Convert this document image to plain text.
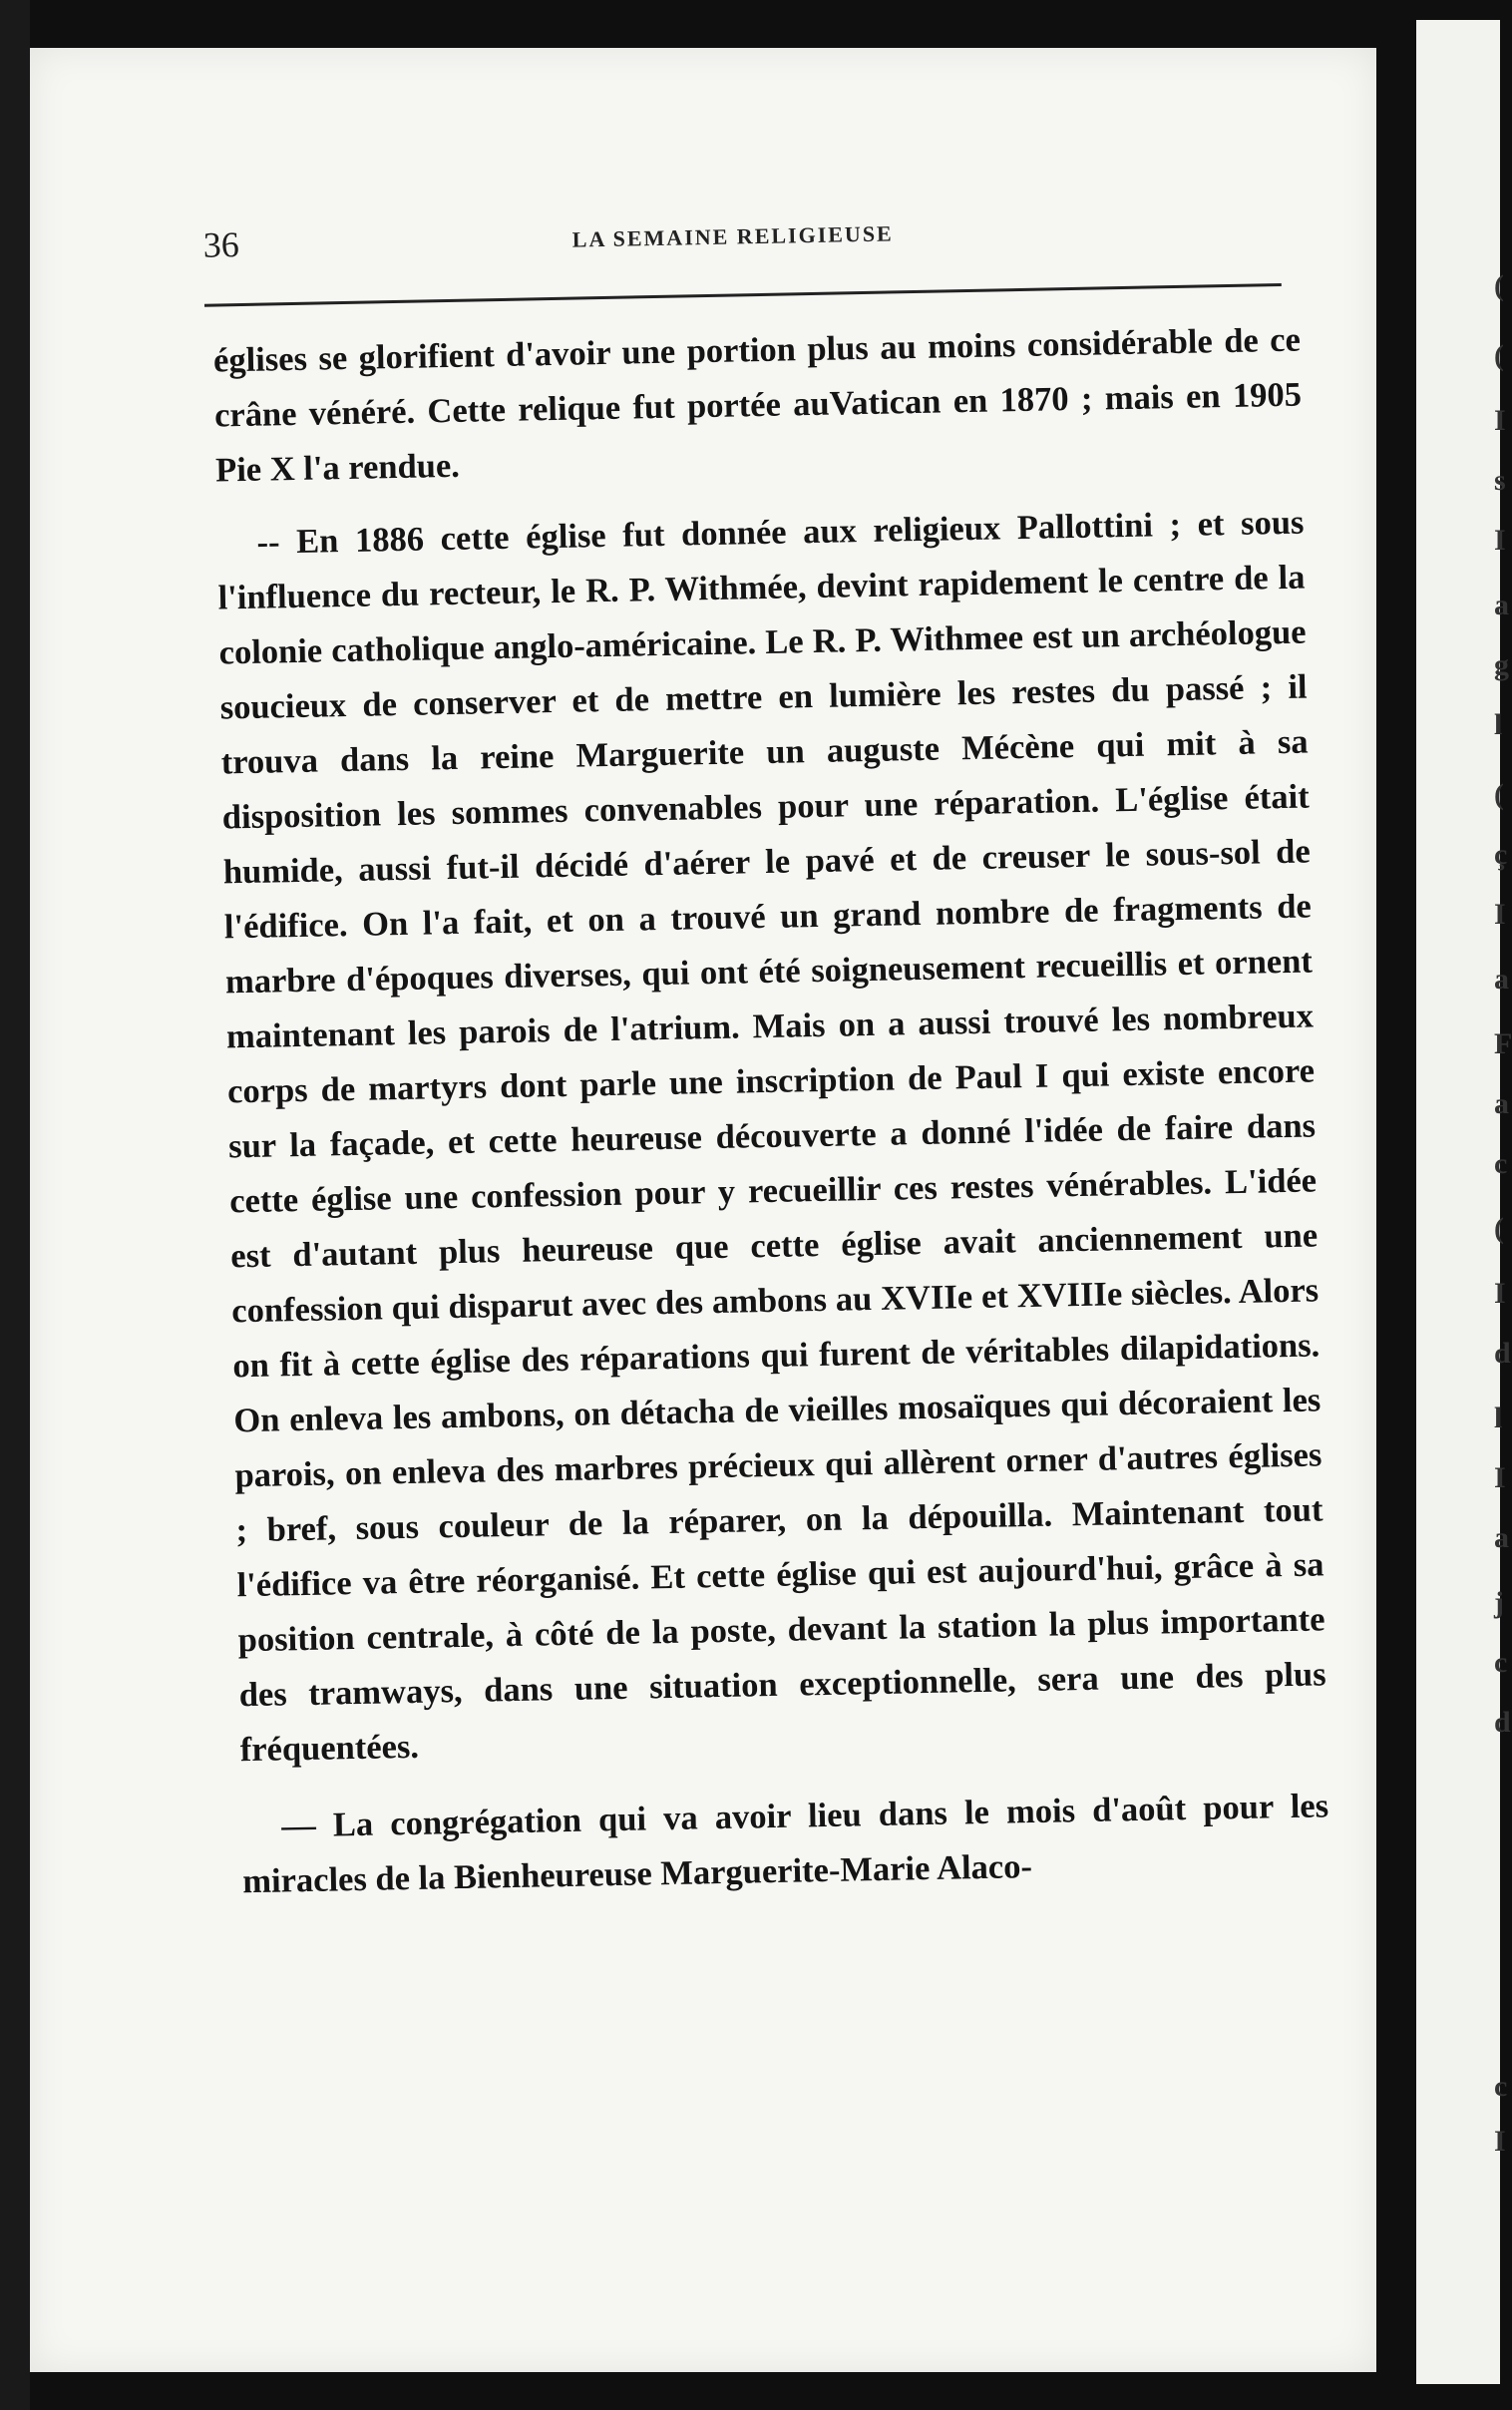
(
(
I
s
I
a
g
l
(
ç
I
a
F
a
c
(
I
d
l
I
a
j
c
d
c
I
36	LA SEMAINE RELIGIEUSE

églises se glorifient d'avoir une portion plus au moins considérable de ce crâne vénéré. Cette relique fut portée auVatican en 1870 ; mais en 1905 Pie X l'a rendue.

-- En 1886 cette église fut donnée aux religieux Pallottini ; et sous l'influence du recteur, le R. P. Withmée, devint rapidement le centre de la colonie catholique anglo-américaine. Le R. P. Withmee est un archéologue soucieux de conserver et de mettre en lumière les restes du passé ; il trouva dans la reine Marguerite un auguste Mécène qui mit à sa disposition les sommes convenables pour une réparation. L'église était humide, aussi fut-il décidé d'aérer le pavé et de creuser le sous-sol de l'édifice. On l'a fait, et on a trouvé un grand nombre de fragments de marbre d'époques diverses, qui ont été soigneusement recueillis et ornent maintenant les parois de l'atrium. Mais on a aussi trouvé les nombreux corps de martyrs dont parle une inscription de Paul I qui existe encore sur la façade, et cette heureuse découverte a donné l'idée de faire dans cette église une confession pour y recueillir ces restes vénérables. L'idée est d'autant plus heureuse que cette église avait anciennement une confession qui disparut avec des ambons au XVIIe et XVIIIe siècles. Alors on fit à cette église des réparations qui furent de véritables dilapidations. On enleva les ambons, on détacha de vieilles mosaïques qui décoraient les parois, on enleva des marbres précieux qui allèrent orner d'autres églises ; bref, sous couleur de la réparer, on la dépouilla. Maintenant tout l'édifice va être réorganisé. Et cette église qui est aujourd'hui, grâce à sa position centrale, à côté de la poste, devant la station la plus importante des tramways, dans une situation exceptionnelle, sera une des plus fréquentées.

— La congrégation qui va avoir lieu dans le mois d'août pour les miracles de la Bienheureuse Marguerite-Marie Alaco-
